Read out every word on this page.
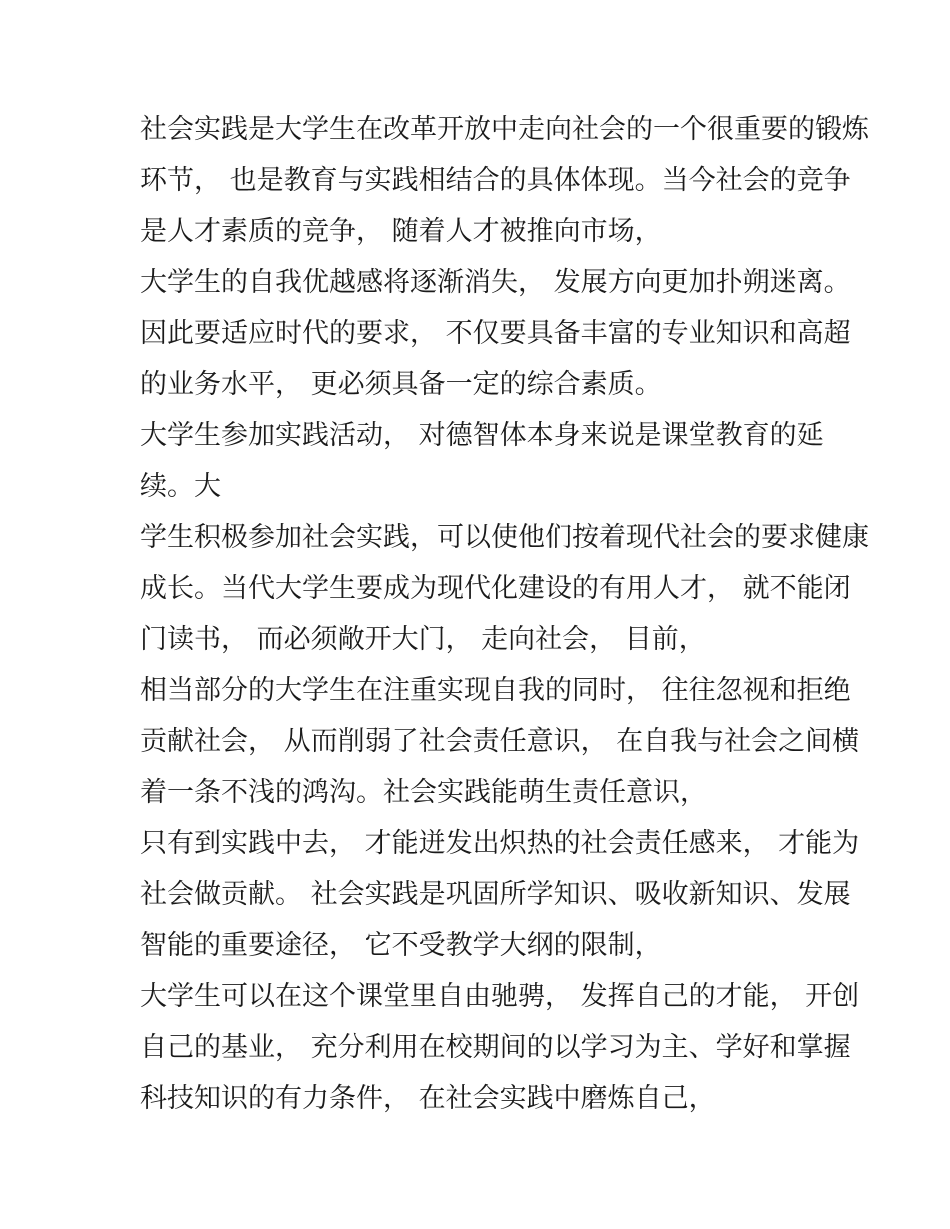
社会实践是大学生在改革开放中走向社会的一个很重要的锻炼
环节， 也是教育与实践相结合的具体体现。当今社会的竞争
是人才素质的竞争， 随着人才被推向市场，
大学生的自我优越感将逐渐消失， 发展方向更加扑朔迷离。
因此要适应时代的要求， 不仅要具备丰富的专业知识和高超
的业务水平， 更必须具备一定的综合素质。
大学生参加实践活动， 对德智体本身来说是课堂教育的延
续。大
学生积极参加社会实践，可以使他们按着现代社会的要求健康
成长。当代大学生要成为现代化建设的有用人才， 就不能闭
门读书， 而必须敞开大门， 走向社会， 目前，
相当部分的大学生在注重实现自我的同时， 往往忽视和拒绝
贡献社会， 从而削弱了社会责任意识， 在自我与社会之间横
着一条不浅的鸿沟。社会实践能萌生责任意识，
只有到实践中去， 才能迸发出炽热的社会责任感来， 才能为
社会做贡献。 社会实践是巩固所学知识、吸收新知识、发展
智能的重要途径， 它不受教学大纲的限制，
大学生可以在这个课堂里自由驰骋， 发挥自己的才能， 开创
自己的基业， 充分利用在校期间的以学习为主、学好和掌握
科技知识的有力条件， 在社会实践中磨炼自己，
